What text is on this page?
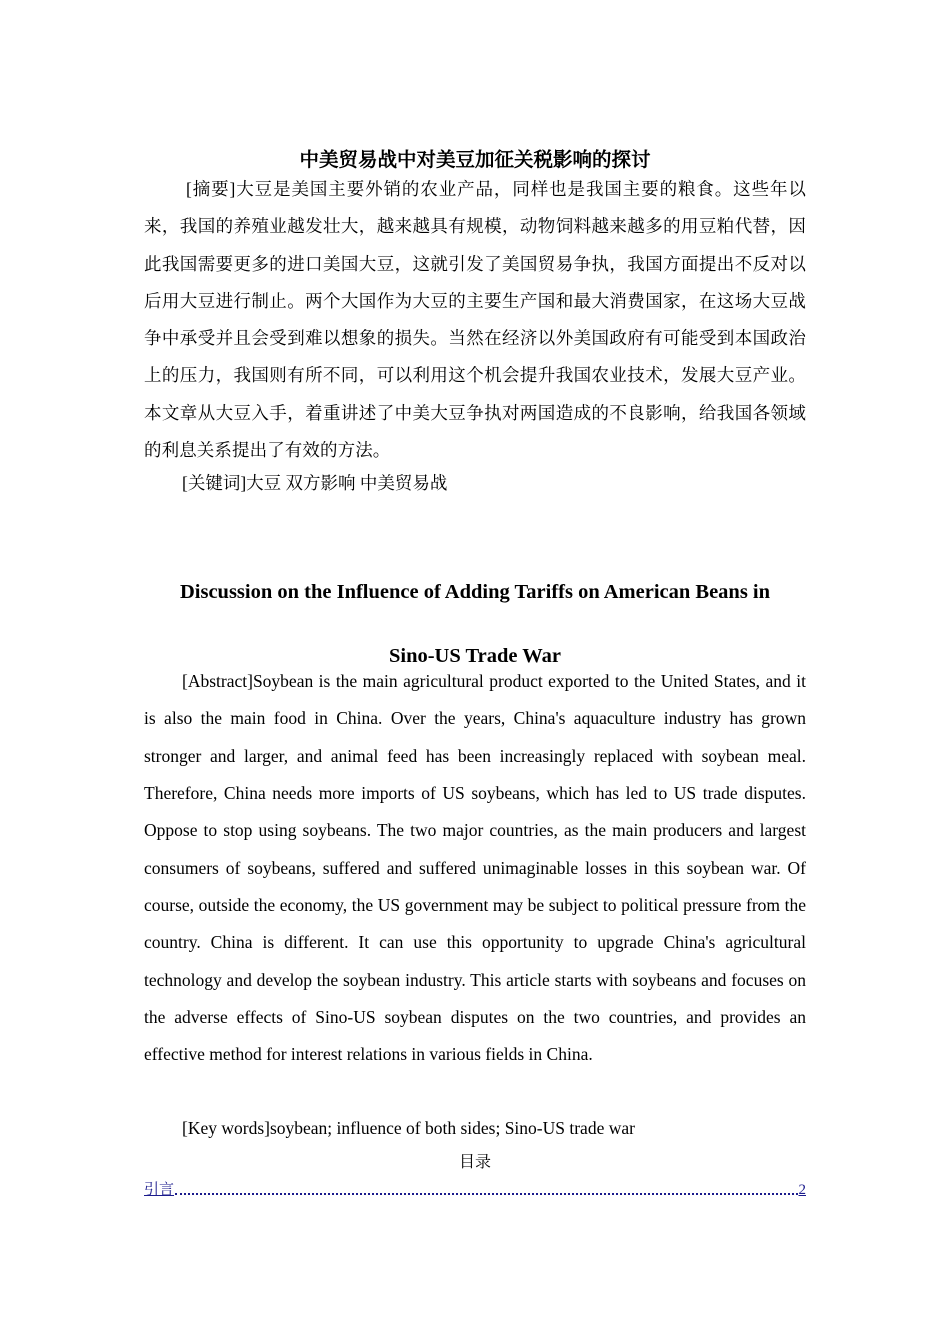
中美贸易战中对美豆加征关税影响的探讨

[摘要]大豆是美国主要外销的农业产品，同样也是我国主要的粮食。这些年以来，我国的养殖业越发壮大，越来越具有规模，动物饲料越来越多的用豆粕代替，因此我国需要更多的进口美国大豆，这就引发了美国贸易争执，我国方面提出不反对以后用大豆进行制止。两个大国作为大豆的主要生产国和最大消费国家，在这场大豆战争中承受并且会受到难以想象的损失。当然在经济以外美国政府有可能受到本国政治上的压力，我国则有所不同，可以利用这个机会提升我国农业技术，发展大豆产业。本文章从大豆入手，着重讲述了中美大豆争执对两国造成的不良影响，给我国各领域的利息关系提出了有效的方法。

[关键词]大豆 双方影响 中美贸易战

Discussion on the Influence of Adding Tariffs on American Beans in
Sino-US Trade War

[Abstract]Soybean is the main agricultural product exported to the United States, and it is also the main food in China. Over the years, China's aquaculture industry has grown stronger and larger, and animal feed has been increasingly replaced with soybean meal. Therefore, China needs more imports of US soybeans, which has led to US trade disputes. Oppose to stop using soybeans. The two major countries, as the main producers and largest consumers of soybeans, suffered and suffered unimaginable losses in this soybean war. Of course, outside the economy, the US government may be subject to political pressure from the country. China is different. It can use this opportunity to upgrade China's agricultural technology and develop the soybean industry. This article starts with soybeans and focuses on the adverse effects of Sino-US soybean disputes on the two countries, and provides an effective method for interest relations in various fields in China.

[Key words]soybean; influence of both sides; Sino-US trade war

目录
引言	2
